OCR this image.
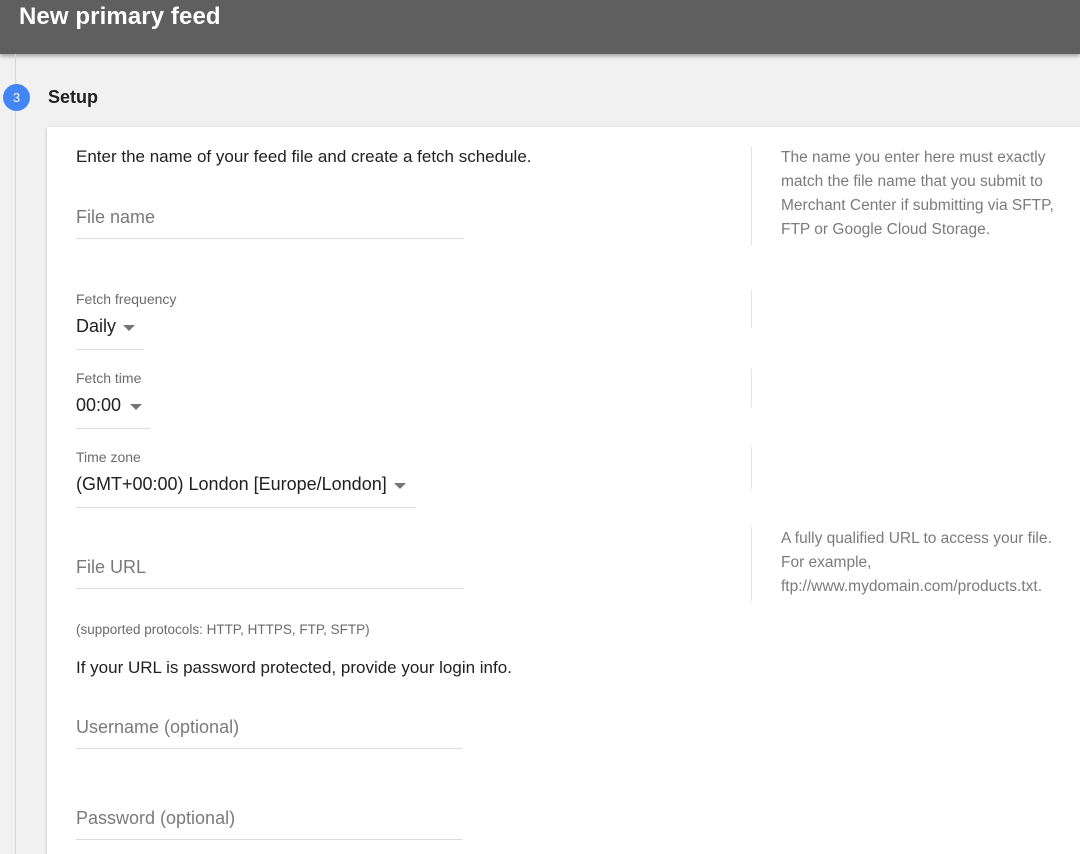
New primary feed
3	Setup
Enter the name of your feed file and create a fetch schedule.
File name
The name you enter here must exactly match the file name that you submit to Merchant Center if submitting via SFTP, FTP or Google Cloud Storage.
Fetch frequency
Daily
Fetch time
00:00
Time zone
(GMT+00:00) London [Europe/London]
File URL
A fully qualified URL to access your file. For example, ftp://www.mydomain.com/products.txt.
(supported protocols: HTTP, HTTPS, FTP, SFTP)
If your URL is password protected, provide your login info.
Username (optional)
Password (optional)
